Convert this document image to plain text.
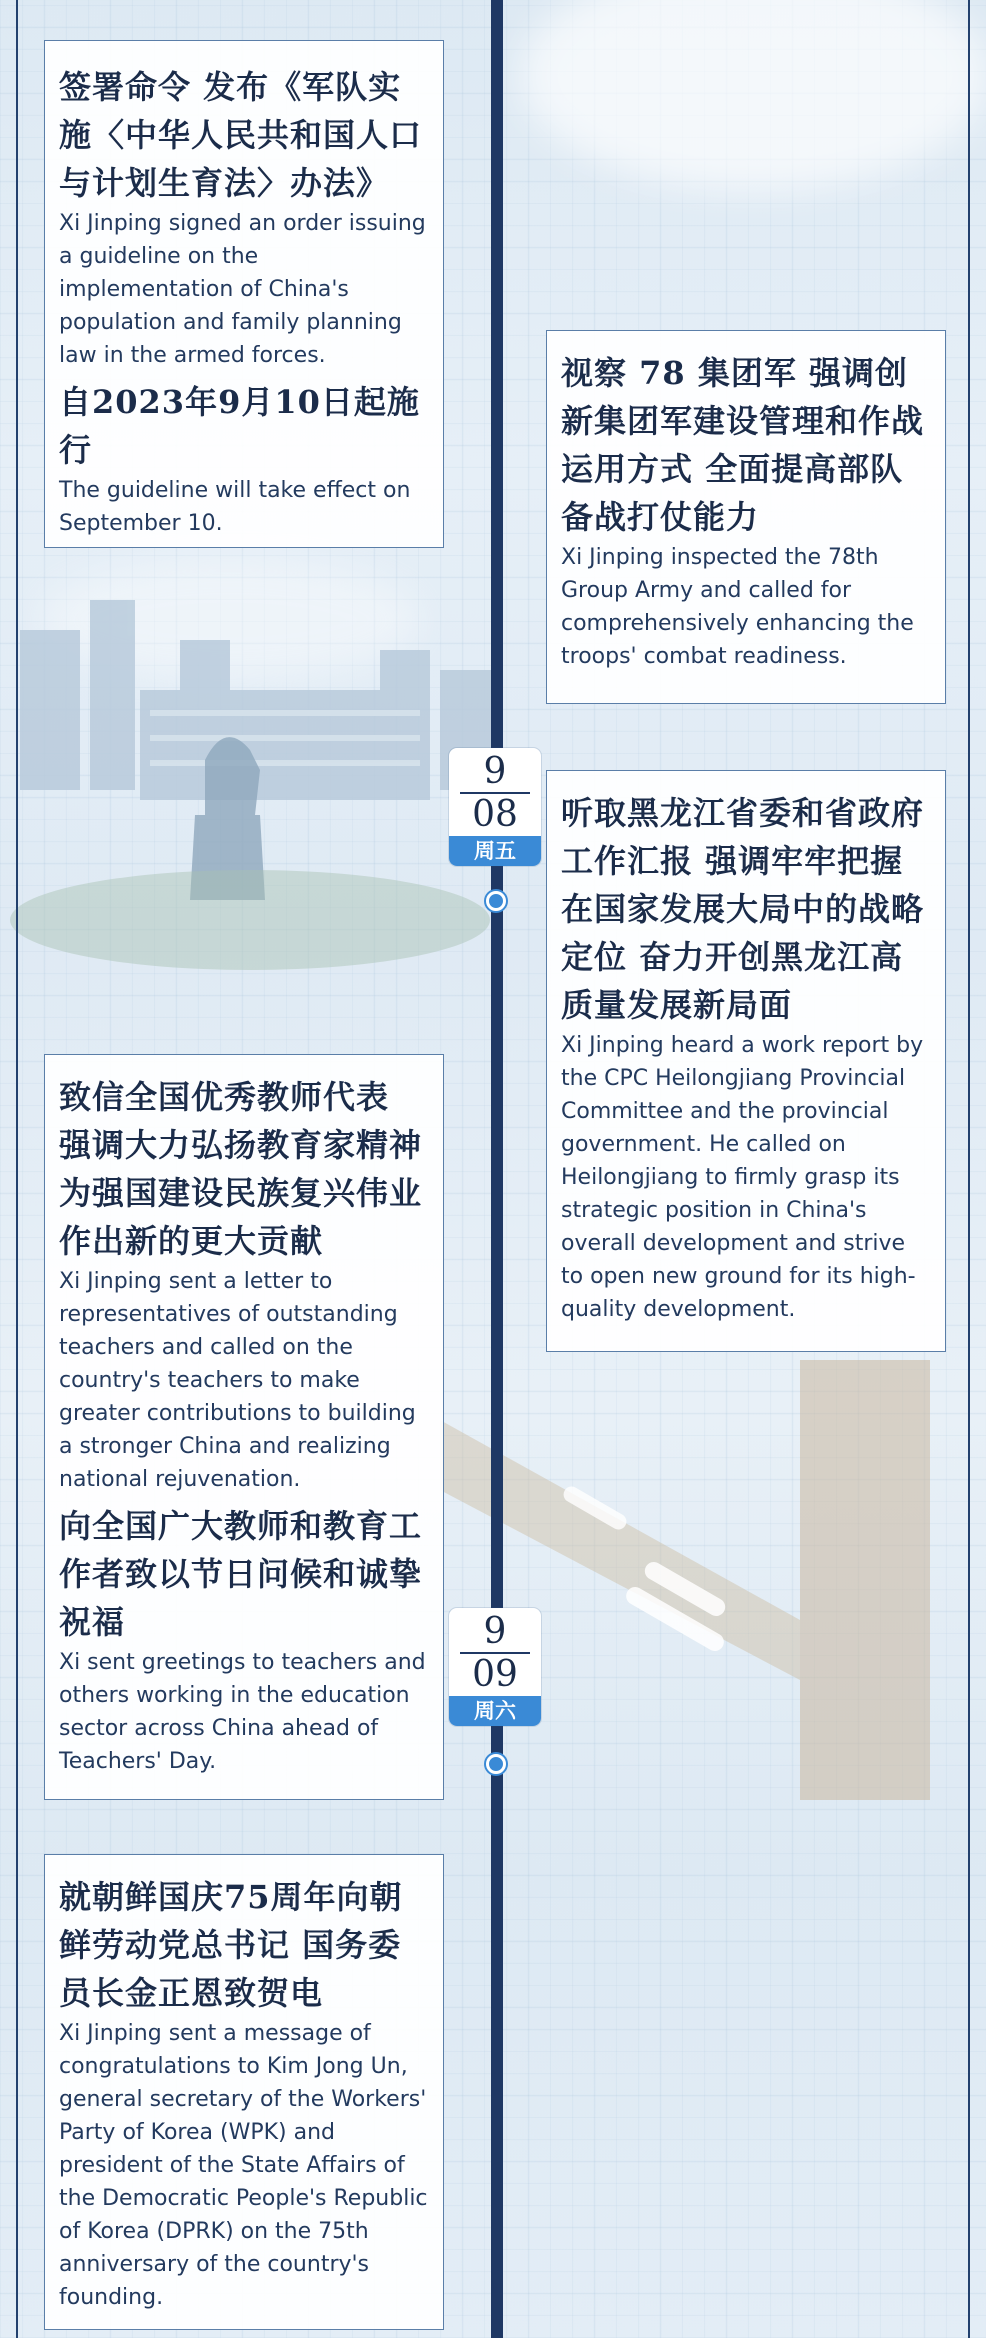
签署命令 发布《军队实施〈中华人民共和国人口与计划生育法〉办法》

Xi Jinping signed an order issuing a guideline on the implementation of China's population and family planning law in the armed forces.

自2023年9月10日起施行

The guideline will take effect on September 10.

视察 78 集团军 强调创新集团军建设管理和作战运用方式 全面提高部队备战打仗能力

Xi Jinping inspected the 78th Group Army and called for comprehensively enhancing the troops' combat readiness.

9
08
周五

听取黑龙江省委和省政府工作汇报 强调牢牢把握在国家发展大局中的战略定位 奋力开创黑龙江高质量发展新局面

Xi Jinping heard a work report by the CPC Heilongjiang Provincial Committee and the provincial government. He called on Heilongjiang to firmly grasp its strategic position in China's overall development and strive to open new ground for its high-quality development.

致信全国优秀教师代表 强调大力弘扬教育家精神 为强国建设民族复兴伟业作出新的更大贡献

Xi Jinping sent a letter to representatives of outstanding teachers and called on the country's teachers to make greater contributions to building a stronger China and realizing national rejuvenation.

向全国广大教师和教育工作者致以节日问候和诚挚祝福

Xi sent greetings to teachers and others working in the education sector across China ahead of Teachers' Day.

9
09
周六

就朝鲜国庆75周年向朝鲜劳动党总书记 国务委员长金正恩致贺电

Xi Jinping sent a message of congratulations to Kim Jong Un, general secretary of the Workers' Party of Korea (WPK) and president of the State Affairs of the Democratic People's Republic of Korea (DPRK) on the 75th anniversary of the country's founding.
